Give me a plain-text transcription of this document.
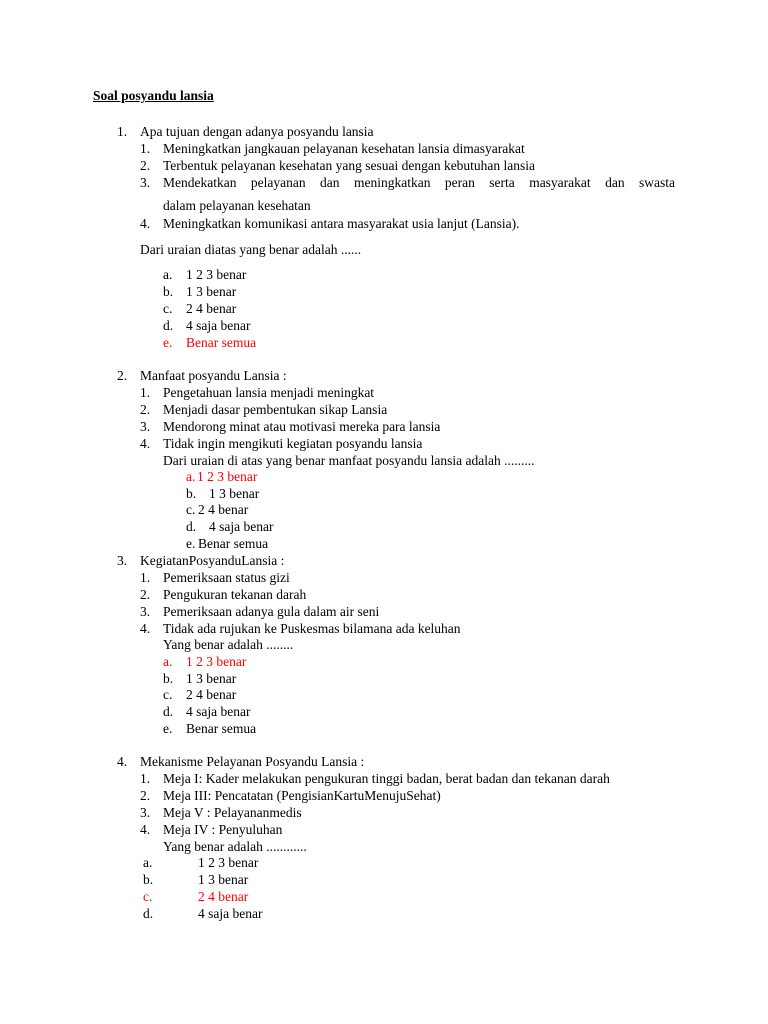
Soal posyandu lansia
1. Apa tujuan dengan adanya posyandu lansia
1. Meningkatkan jangkauan pelayanan kesehatan lansia dimasyarakat
2. Terbentuk pelayanan kesehatan yang sesuai dengan kebutuhan lansia
3. Mendekatkan pelayanan dan meningkatkan peran serta masyarakat dan swasta
dalam pelayanan kesehatan
4. Meningkatkan komunikasi antara masyarakat usia lanjut (Lansia).
Dari uraian diatas yang benar adalah ......
a. 1 2 3 benar
b. 1 3 benar
c. 2 4 benar
d. 4 saja benar
e. Benar semua
2. Manfaat posyandu Lansia :
1. Pengetahuan lansia menjadi meningkat
2. Menjadi dasar pembentukan sikap Lansia
3. Mendorong minat atau motivasi mereka para lansia
4. Tidak ingin mengikuti kegiatan posyandu lansia
Dari uraian di atas yang benar manfaat posyandu lansia adalah .........
a. 1 2 3 benar
b. 1 3 benar
c. 2 4 benar
d. 4 saja benar
e. Benar semua
3. KegiatanPosyanduLansia :
1. Pemeriksaan status gizi
2. Pengukuran tekanan darah
3. Pemeriksaan adanya gula dalam air seni
4. Tidak ada rujukan ke Puskesmas bilamana ada keluhan
Yang benar adalah ........
a. 1 2 3 benar
b. 1 3 benar
c. 2 4 benar
d. 4 saja benar
e. Benar semua
4. Mekanisme Pelayanan Posyandu Lansia :
1. Meja I: Kader melakukan pengukuran tinggi badan, berat badan dan tekanan darah
2. Meja III: Pencatatan (PengisianKartuMenujuSehat)
3. Meja V : Pelayananmedis
4. Meja IV : Penyuluhan
Yang benar adalah ............
a.	1 2 3 benar
b.	1 3 benar
c.	2 4 benar
d.	4 saja benar
